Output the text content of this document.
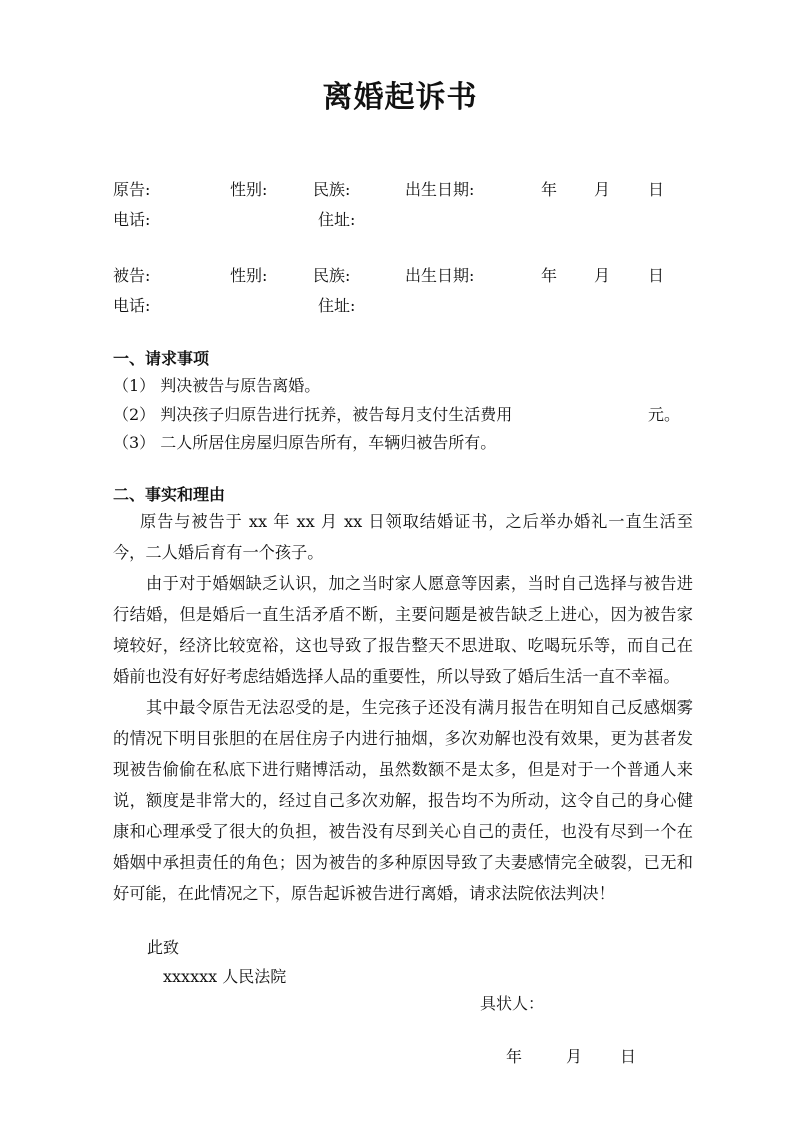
离婚起诉书
原告:	性别:	民族:	出生日期:	年 月 日
电话:	住址:
被告:	性别:	民族:	出生日期:	年 月 日
电话:	住址:
一、请求事项
（1） 判决被告与原告离婚。
（2） 判决孩子归原告进行抚养，被告每月支付生活费用	元。
（3） 二人所居住房屋归原告所有，车辆归被告所有。
二、事实和理由
原告与被告于 xx 年 xx 月 xx 日领取结婚证书，之后举办婚礼一直生活至今，二人婚后育有一个孩子。
由于对于婚姻缺乏认识，加之当时家人愿意等因素，当时自己选择与被告进行结婚，但是婚后一直生活矛盾不断，主要问题是被告缺乏上进心，因为被告家境较好，经济比较宽裕，这也导致了报告整天不思进取、吃喝玩乐等，而自己在婚前也没有好好考虑结婚选择人品的重要性，所以导致了婚后生活一直不幸福。
其中最令原告无法忍受的是，生完孩子还没有满月报告在明知自己反感烟雾的情况下明目张胆的在居住房子内进行抽烟，多次劝解也没有效果，更为甚者发现被告偷偷在私底下进行赌博活动，虽然数额不是太多，但是对于一个普通人来说，额度是非常大的，经过自己多次劝解，报告均不为所动，这令自己的身心健康和心理承受了很大的负担，被告没有尽到关心自己的责任，也没有尽到一个在婚姻中承担责任的角色；因为被告的多种原因导致了夫妻感情完全破裂，已无和好可能，在此情况之下，原告起诉被告进行离婚，请求法院依法判决！
此致
xxxxxx 人民法院
具状人：
年	月 日
